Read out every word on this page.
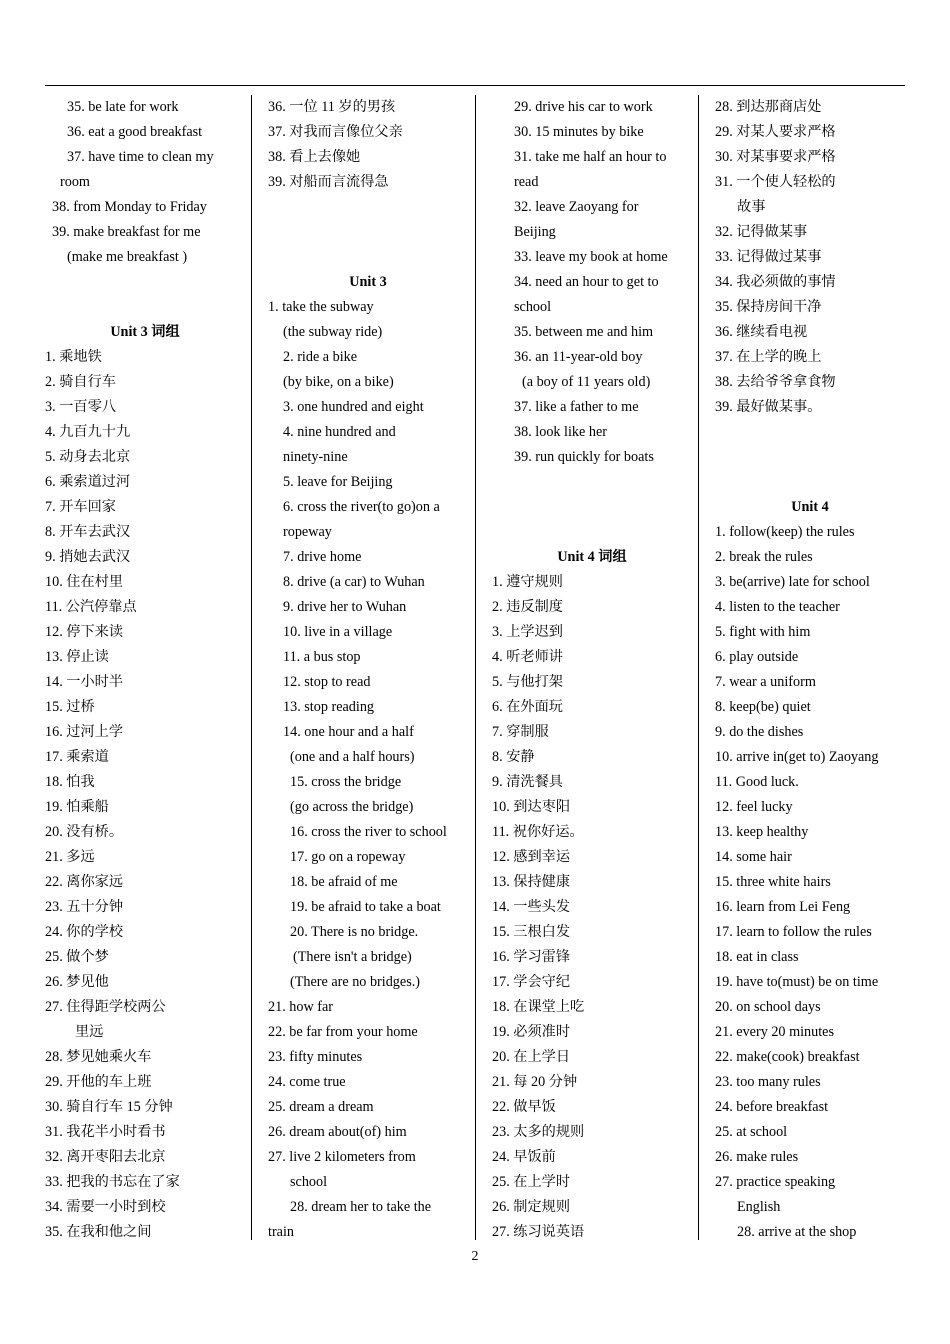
35. be late for work
36. eat a good breakfast
37. have time to clean my
room
38. from Monday to Friday
39. make breakfast for me
(make me breakfast )
Unit 3 词组
1. 乘地铁
2. 骑自行车
3. 一百零八
4. 九百九十九
5. 动身去北京
6. 乘索道过河
7. 开车回家
8. 开车去武汉
9. 捎她去武汉
10. 住在村里
11. 公汽停靠点
12. 停下来读
13. 停止读
14. 一小时半
15. 过桥
16. 过河上学
17. 乘索道
18. 怕我
19. 怕乘船
20. 没有桥。
21. 多远
22. 离你家远
23. 五十分钟
24. 你的学校
25. 做个梦
26. 梦见他
27. 住得距学校两公
里远
28. 梦见她乘火车
29. 开他的车上班
30. 骑自行车 15 分钟
31. 我花半小时看书
32. 离开枣阳去北京
33. 把我的书忘在了家
34. 需要一小时到校
35. 在我和他之间
36. 一位 11 岁的男孩
37. 对我而言像位父亲
38. 看上去像她
39. 对船而言流得急
Unit 3
1. take the subway
(the subway ride)
2. ride a bike
(by bike, on a bike)
3. one hundred and eight
4. nine hundred and
ninety-nine
5. leave for Beijing
6. cross the river(to go)on a
ropeway
7. drive home
8. drive (a car) to Wuhan
9. drive her to Wuhan
10. live in a village
11. a bus stop
12. stop to read
13. stop reading
14. one hour and a half
(one and a half hours)
15. cross the bridge
(go across the bridge)
16. cross the river to school
17. go on a ropeway
18. be afraid of me
19. be afraid to take a boat
20. There is no bridge.
(There isn't a bridge)
(There are no bridges.)
21. how far
22. be far from your home
23. fifty minutes
24. come true
25. dream a dream
26. dream about(of) him
27. live 2 kilometers from
school
28. dream her to take the
train
29. drive his car to work
30. 15 minutes by bike
31. take me half an hour to
read
32. leave Zaoyang for
Beijing
33. leave my book at home
34. need an hour to get to
school
35. between me and him
36. an 11-year-old boy
(a boy of 11 years old)
37. like a father to me
38. look like her
39. run quickly for boats
Unit 4 词组
1. 遵守规则
2. 违反制度
3. 上学迟到
4. 听老师讲
5. 与他打架
6. 在外面玩
7. 穿制服
8. 安静
9. 清洗餐具
10. 到达枣阳
11. 祝你好运。
12. 感到幸运
13. 保持健康
14. 一些头发
15. 三根白发
16. 学习雷锋
17. 学会守纪
18. 在课堂上吃
19. 必须准时
20. 在上学日
21. 每 20 分钟
22. 做早饭
23. 太多的规则
24. 早饭前
25. 在上学时
26. 制定规则
27. 练习说英语
28. 到达那商店处
29. 对某人要求严格
30. 对某事要求严格
31. 一个使人轻松的
故事
32. 记得做某事
33. 记得做过某事
34. 我必须做的事情
35. 保持房间干净
36. 继续看电视
37. 在上学的晚上
38. 去给爷爷拿食物
39. 最好做某事。
Unit 4
1. follow(keep) the rules
2. break the rules
3. be(arrive) late for school
4. listen to the teacher
5. fight with him
6. play outside
7. wear a uniform
8. keep(be) quiet
9. do the dishes
10. arrive in(get to) Zaoyang
11. Good luck.
12. feel lucky
13. keep healthy
14. some hair
15. three white hairs
16. learn from Lei Feng
17. learn to follow the rules
18. eat in class
19. have to(must) be on time
20. on school days
21. every 20 minutes
22. make(cook) breakfast
23. too many rules
24. before breakfast
25. at school
26. make rules
27. practice speaking
English
28. arrive at the shop
2
